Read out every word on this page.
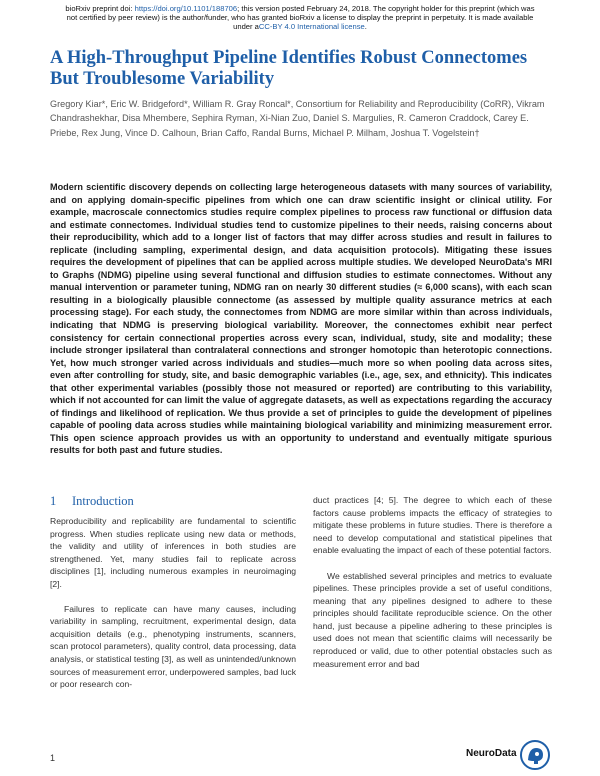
bioRxiv preprint doi: https://doi.org/10.1101/188706; this version posted February 24, 2018. The copyright holder for this preprint (which was
not certified by peer review) is the author/funder, who has granted bioRxiv a license to display the preprint in perpetuity. It is made available
under aCC-BY 4.0 International license.
A High-Throughput Pipeline Identifies Robust Connectomes But Troublesome Variability

Gregory Kiar*, Eric W. Bridgeford*, William R. Gray Roncal*, Consortium for Reliability and Reproducibility (CoRR), Vikram Chandrashekhar, Disa Mhembere, Sephira Ryman, Xi-Nian Zuo, Daniel S. Margulies, R. Cameron Craddock, Carey E. Priebe, Rex Jung, Vince D. Calhoun, Brian Caffo, Randal Burns, Michael P. Milham, Joshua T. Vogelstein†

Modern scientific discovery depends on collecting large heterogeneous datasets with many sources of variability, and on applying domain-specific pipelines from which one can draw scientific insight or clinical utility. For example, macroscale connectomics studies require complex pipelines to process raw functional or diffusion data and estimate connectomes. Individual studies tend to customize pipelines to their needs, raising concerns about their reproducibility, which add to a longer list of factors that may differ across studies and result in failures to replicate (including sampling, experimental design, and data acquisition protocols). Mitigating these issues requires the development of pipelines that can be applied across multiple studies. We developed NeuroData's MRI to Graphs (NDMG) pipeline using several functional and diffusion studies to estimate connectomes. Without any manual intervention or parameter tuning, NDMG ran on nearly 30 different studies (≈ 6,000 scans), with each scan resulting in a biologically plausible connectome (as assessed by multiple quality assurance metrics at each processing stage). For each study, the connectomes from NDMG are more similar within than across individuals, indicating that NDMG is preserving biological variability. Moreover, the connectomes exhibit near perfect consistency for certain connectional properties across every scan, individual, study, site and modality; these include stronger ipsilateral than contralateral connections and stronger homotopic than heterotopic connections. Yet, how much stronger varied across individuals and studies—much more so when pooling data across sites, even after controlling for study, site, and basic demographic variables (i.e., age, sex, and ethnicity). This indicates that other experimental variables (possibly those not measured or reported) are contributing to this variability, which if not accounted for can limit the value of aggregate datasets, as well as expectations regarding the accuracy of findings and likelihood of replication. We thus provide a set of principles to guide the development of pipelines capable of pooling data across studies while maintaining biological variability and minimizing measurement error. This open science approach provides us with an opportunity to understand and eventually mitigate spurious results for both past and future studies.

1 Introduction

Reproducibility and replicability are fundamental to scientific progress. When studies replicate using new data or methods, the validity and utility of inferences in both studies are strengthened. Yet, many studies fail to replicate across disciplines [1], including numerous examples in neuroimaging [2].

Failures to replicate can have many causes, including variability in sampling, recruitment, experimental design, data acquisition details (e.g., phenotyping instruments, scanners, scan protocol parameters), quality control, data processing, data analysis, or statistical testing [3], as well as unintended/unknown sources of measurement error, underpowered samples, bad luck or poor research con-

duct practices [4; 5]. The degree to which each of these factors cause problems impacts the efficacy of strategies to mitigate these problems in future studies. There is therefore a need to develop computational and statistical pipelines that enable evaluating the impact of each of these potential factors.

We established several principles and metrics to evaluate pipelines. These principles provide a set of useful conditions, meaning that any pipelines designed to adhere to these principles should facilitate reproducible science. On the other hand, just because a pipeline adhering to these principles is used does not mean that scientific claims will necessarily be reproduced or valid, due to other potential obstacles such as measurement error and bad

1	NeuroData
